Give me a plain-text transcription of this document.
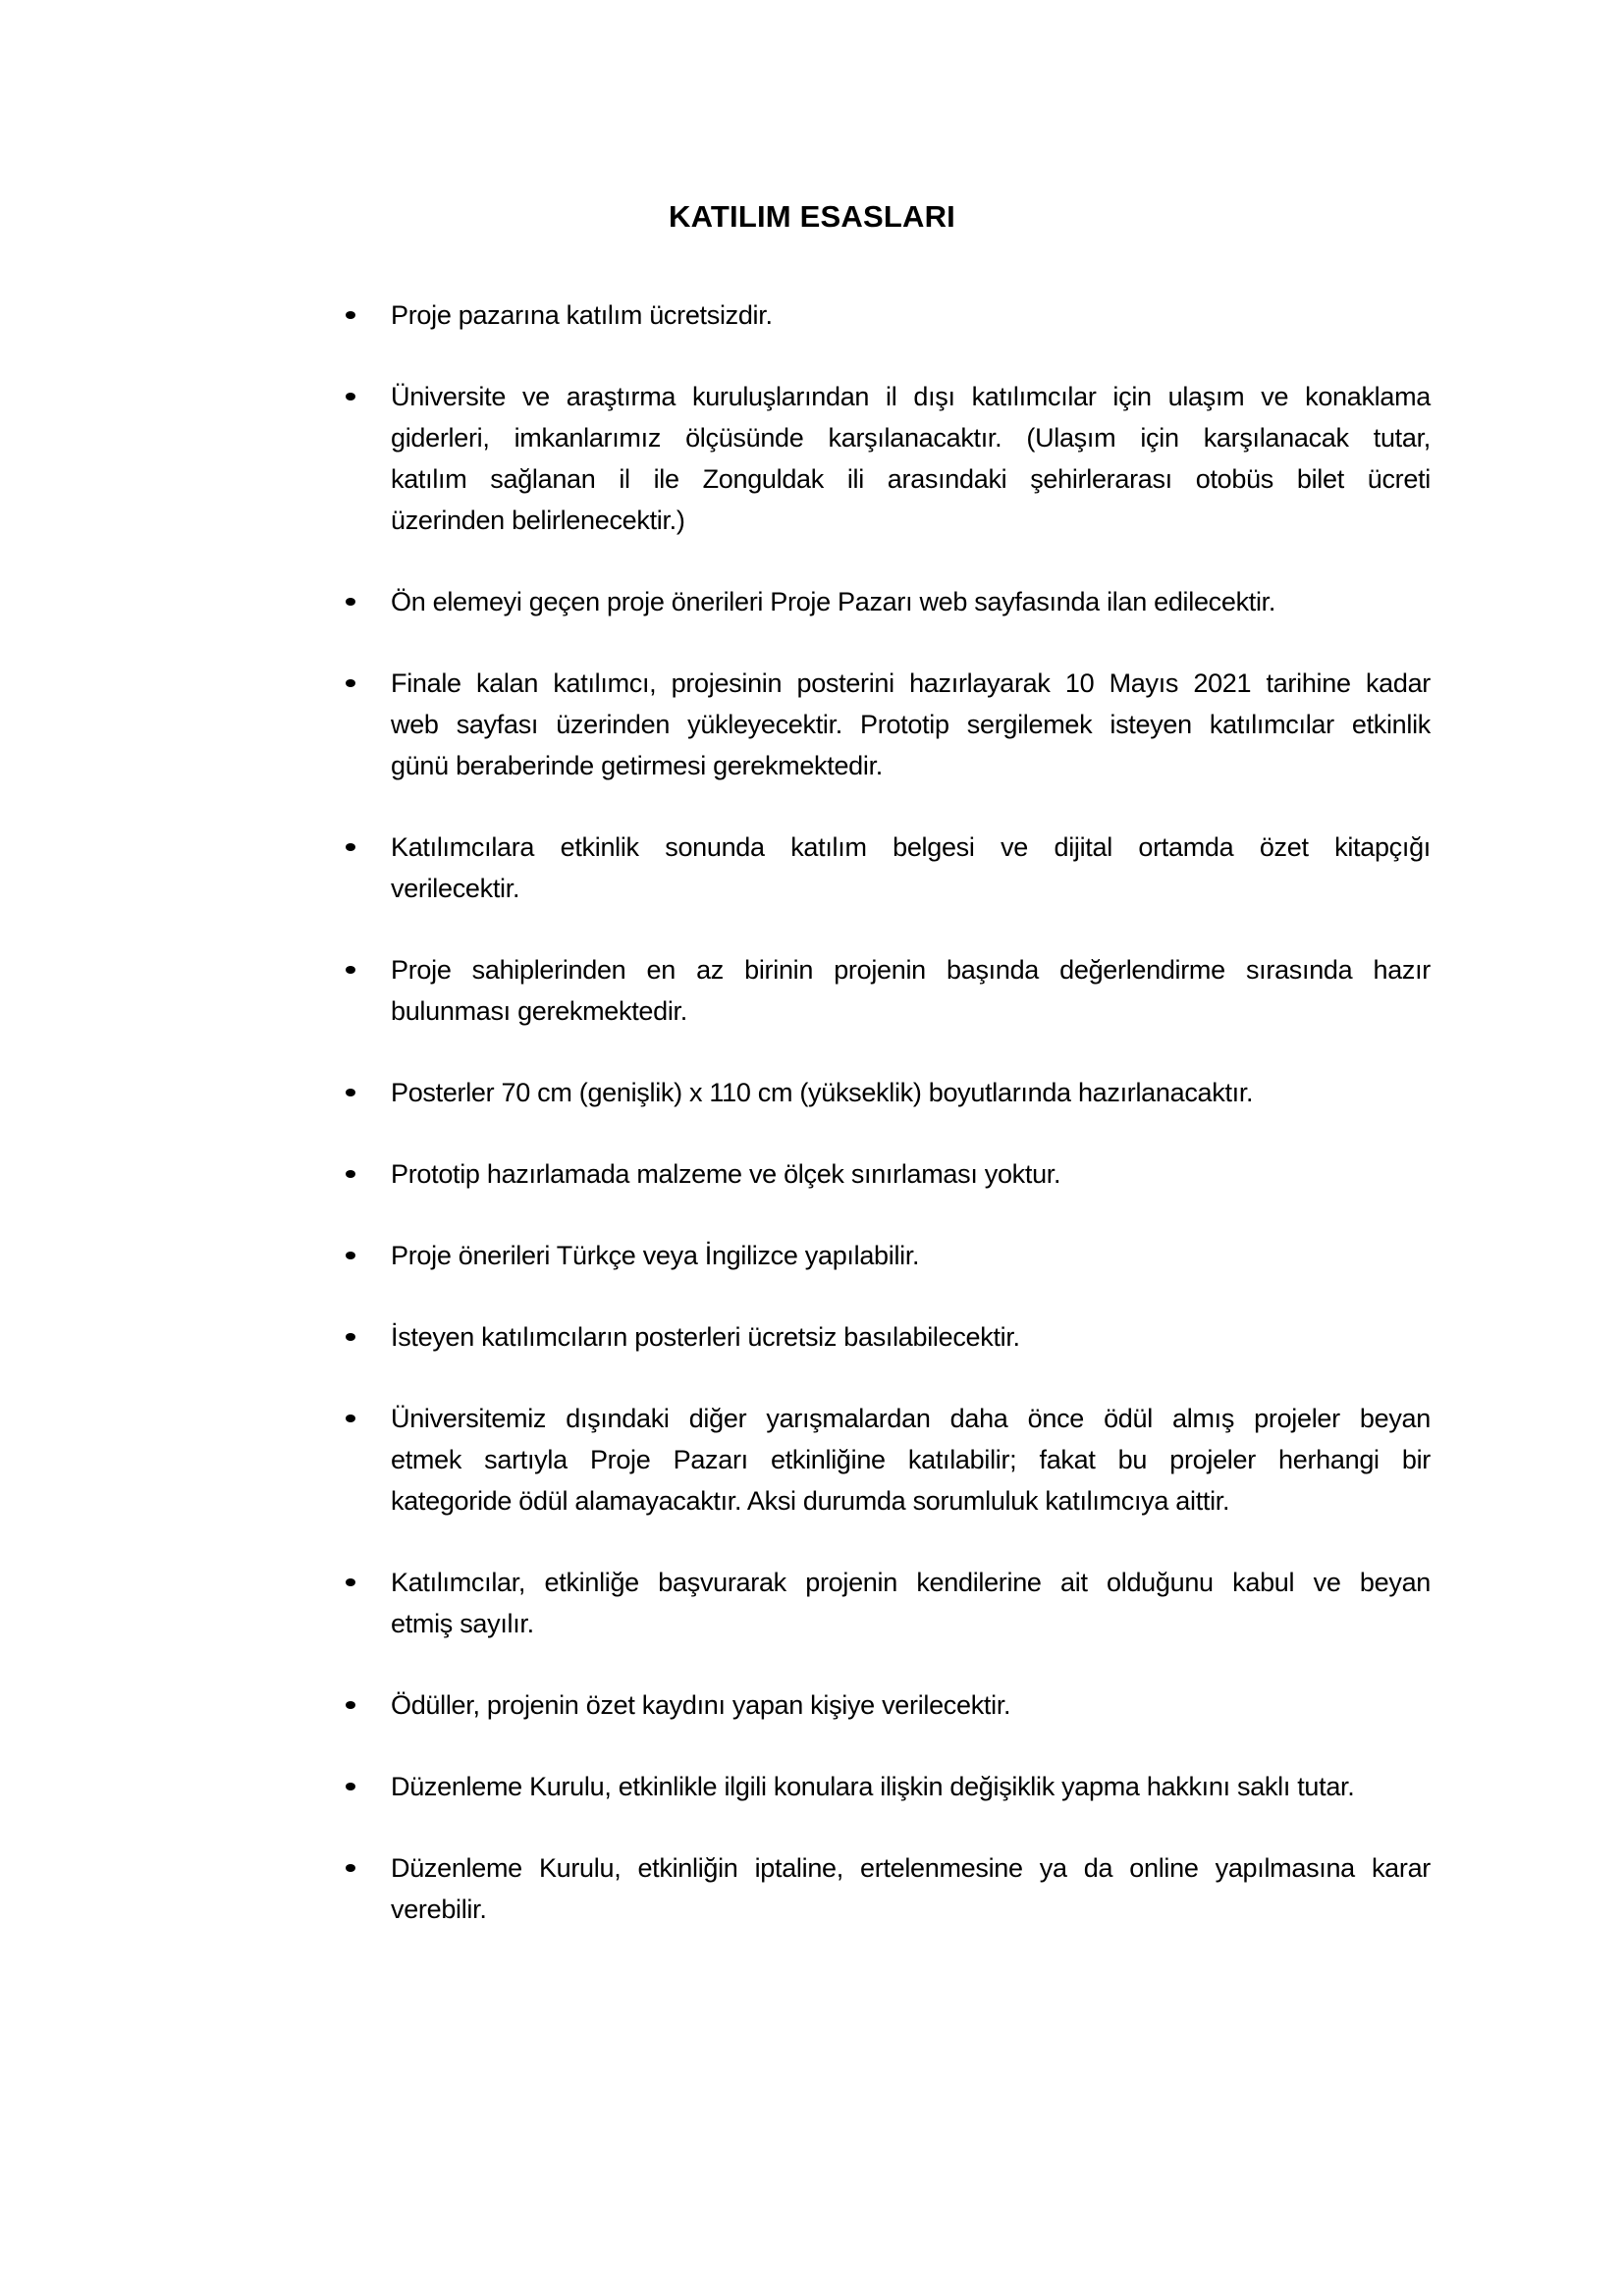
KATILIM ESASLARI
Proje pazarına katılım ücretsizdir.
Üniversite ve araştırma kuruluşlarından il dışı katılımcılar için ulaşım ve konaklama
giderleri, imkanlarımız ölçüsünde karşılanacaktır. (Ulaşım için karşılanacak tutar,
katılım sağlanan il ile Zonguldak ili arasındaki şehirlerarası otobüs bilet ücreti
üzerinden belirlenecektir.)
Ön elemeyi geçen proje önerileri Proje Pazarı web sayfasında ilan edilecektir.
Finale kalan katılımcı, projesinin posterini hazırlayarak 10 Mayıs 2021 tarihine kadar
web sayfası üzerinden yükleyecektir. Prototip sergilemek isteyen katılımcılar etkinlik
günü beraberinde getirmesi gerekmektedir.
Katılımcılara etkinlik sonunda katılım belgesi ve dijital ortamda özet kitapçığı
verilecektir.
Proje sahiplerinden en az birinin projenin başında değerlendirme sırasında hazır
bulunması gerekmektedir.
Posterler 70 cm (genişlik) x 110 cm (yükseklik) boyutlarında hazırlanacaktır.
Prototip hazırlamada malzeme ve ölçek sınırlaması yoktur.
Proje önerileri Türkçe veya İngilizce yapılabilir.
İsteyen katılımcıların posterleri ücretsiz basılabilecektir.
Üniversitemiz dışındaki diğer yarışmalardan daha önce ödül almış projeler beyan
etmek sartıyla Proje Pazarı etkinliğine katılabilir; fakat bu projeler herhangi bir
kategoride ödül alamayacaktır. Aksi durumda sorumluluk katılımcıya aittir.
Katılımcılar, etkinliğe başvurarak projenin kendilerine ait olduğunu kabul ve beyan
etmiş sayılır.
Ödüller, projenin özet kaydını yapan kişiye verilecektir.
Düzenleme Kurulu, etkinlikle ilgili konulara ilişkin değişiklik yapma hakkını saklı tutar.
Düzenleme Kurulu, etkinliğin iptaline, ertelenmesine ya da online yapılmasına karar
verebilir.
